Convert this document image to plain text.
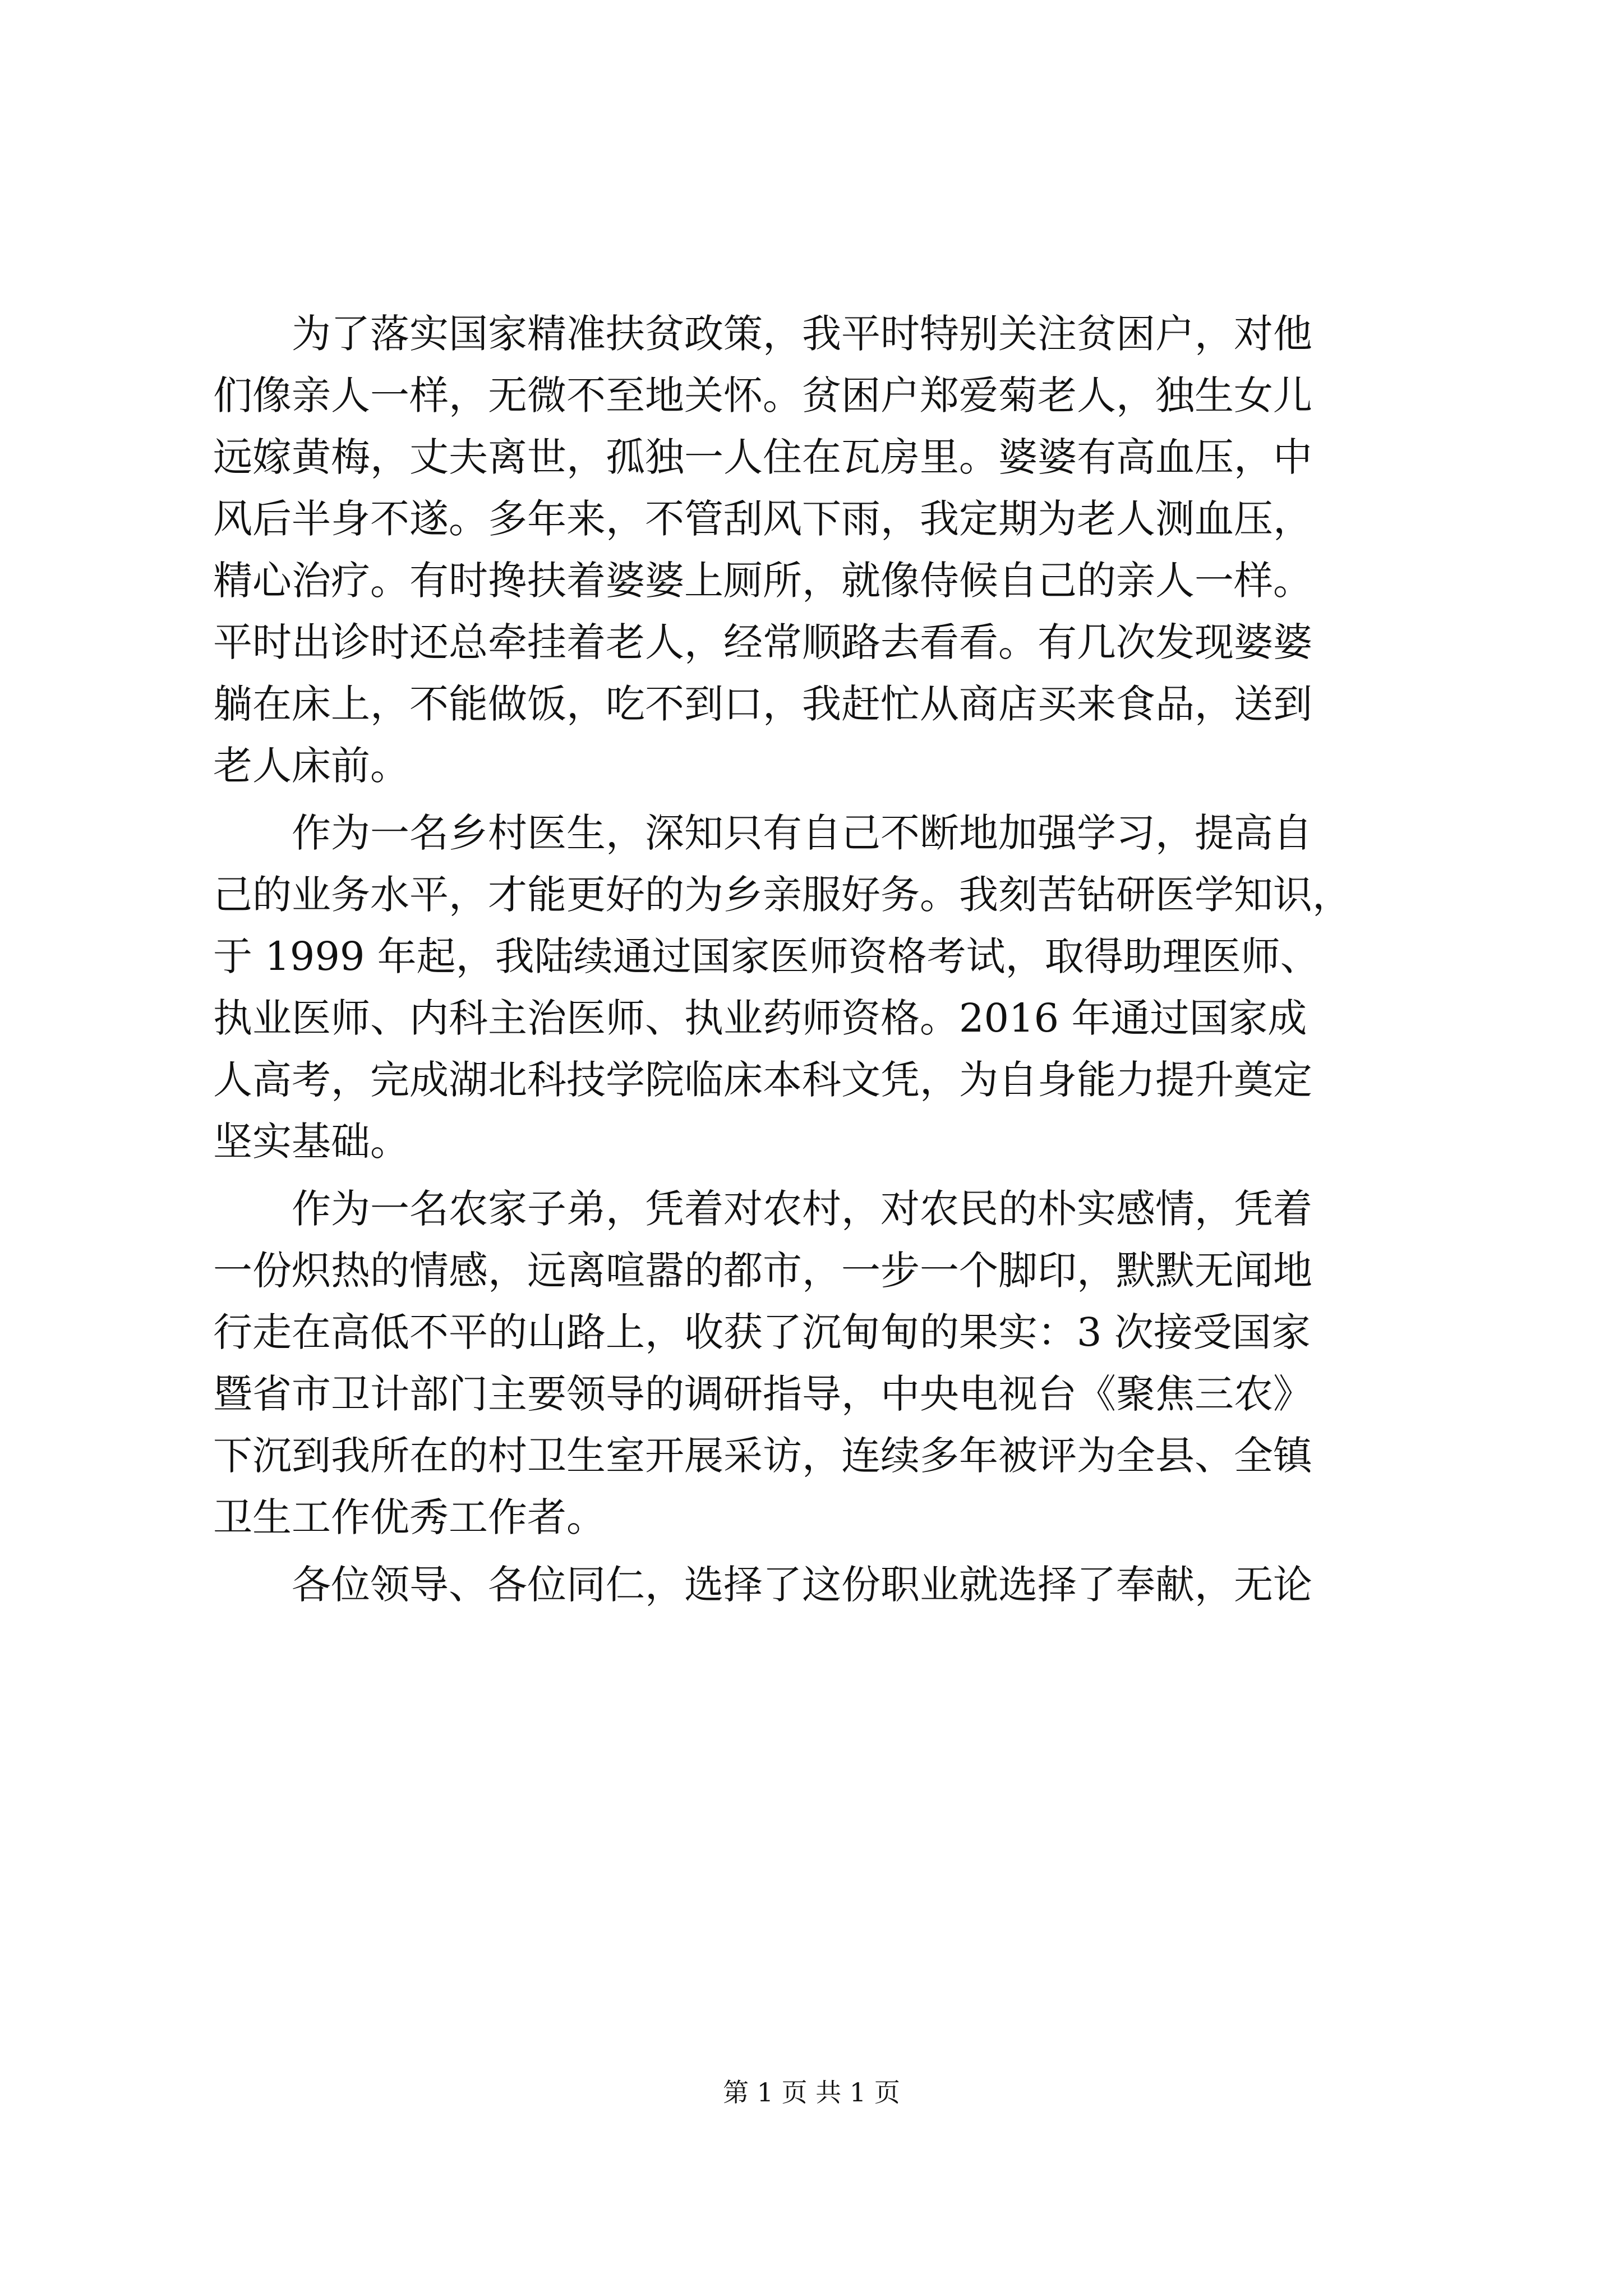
　　为了落实国家精准扶贫政策，我平时特别关注贫困户，对他
们像亲人一样，无微不至地关怀。贫困户郑爱菊老人，独生女儿
远嫁黄梅，丈夫离世，孤独一人住在瓦房里。婆婆有高血压，中
风后半身不遂。多年来，不管刮风下雨，我定期为老人测血压，
精心治疗。有时搀扶着婆婆上厕所，就像侍候自己的亲人一样。
平时出诊时还总牵挂着老人，经常顺路去看看。有几次发现婆婆
躺在床上，不能做饭，吃不到口，我赶忙从商店买来食品，送到
老人床前。
　　作为一名乡村医生，深知只有自己不断地加强学习，提高自
己的业务水平，才能更好的为乡亲服好务。我刻苦钻研医学知识，
于 1999 年起，我陆续通过国家医师资格考试，取得助理医师、
执业医师、内科主治医师、执业药师资格。2016 年通过国家成
人高考，完成湖北科技学院临床本科文凭，为自身能力提升奠定
坚实基础。
　　作为一名农家子弟，凭着对农村，对农民的朴实感情，凭着
一份炽热的情感，远离喧嚣的都市，一步一个脚印，默默无闻地
行走在高低不平的山路上，收获了沉甸甸的果实：3 次接受国家
暨省市卫计部门主要领导的调研指导，中央电视台《聚焦三农》
下沉到我所在的村卫生室开展采访，连续多年被评为全县、全镇
卫生工作优秀工作者。
　　各位领导、各位同仁，选择了这份职业就选择了奉献，无论
第 1 页 共 1 页
